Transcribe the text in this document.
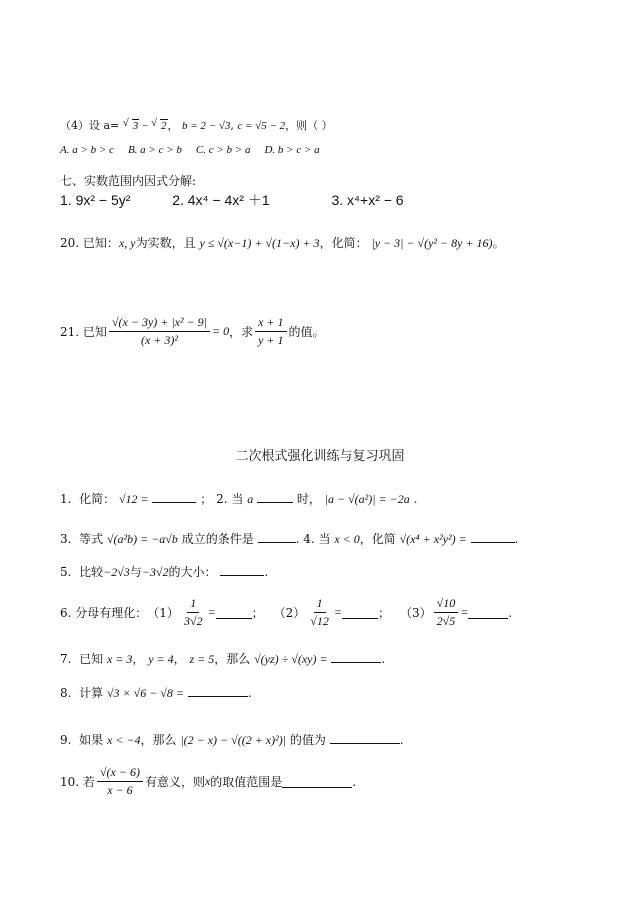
（4）设 a= √ 3 − √ 2， b = 2 − √3, c = √5 − 2，则（ ）
A. a > b > c B. a > c > b C. c > b > a D. b > c > a
七、实数范围内因式分解:
1. 9x² − 5y²	2. 4x⁴ − 4x² ＋1	3. x⁴+x² − 6
20. 已知：x, y为实数，且 y ≤ √(x−1) + √(1−x) + 3，化简： |y − 3| − √(y² − 8y + 16)。
21.
已知 $\frac{\text{√(x − 3y) + |x² − 9|}}{\text{(x + 3)²}} = 0$ ，求 $\frac{x + 1}{y + 1}$ 的值。
二次根式强化训练与复习巩固
1. 化简： √12 =	； 2. 当 a	时， |a − √(a²)| = −2a .
3. 等式 √(a²b) = −a√b 成立的条件是	. 4. 当 x < 0，化简 √(x⁴ + x²y²) =	.
5. 比较−2√3与−3√2的大小：	.
6.
分母有理化： $(1) \frac{1}{3√2}$ =	； $(2) \frac{1}{√12}$ =	； $(3) \frac{√10}{2√5}$ =	.
7. 已知 x = 3， y = 4， z = 5，那么 √(yz) ÷ √(xy) =	.
8. 计算 √3 × √6 − √8 =	.
9. 如果 x < −4，那么 |(2 − x) − √((2 + x)²)| 的值为	.
10.
若 $\frac{√(x - 6)}{x - 6}$ 有意义，则 x 的取值范围是	.
